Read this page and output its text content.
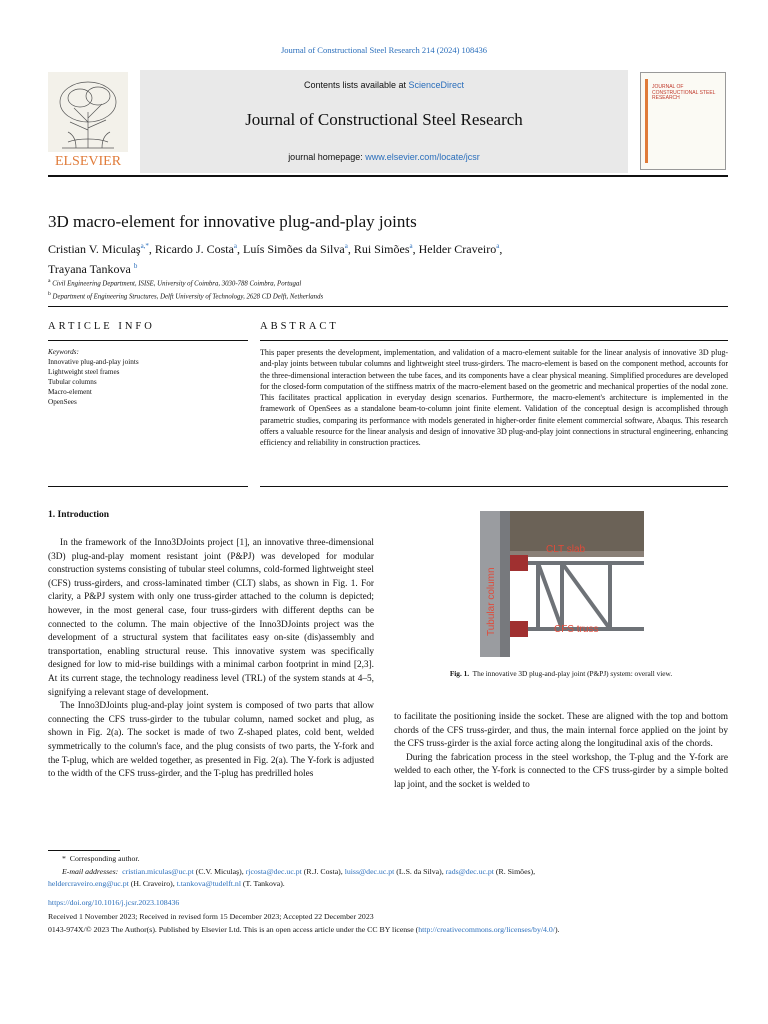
Journal of Constructional Steel Research 214 (2024) 108436
ELSEVIER
Contents lists available at ScienceDirect
Journal of Constructional Steel Research
journal homepage: www.elsevier.com/locate/jcsr
JOURNAL OF CONSTRUCTIONAL STEEL RESEARCH
3D macro-element for innovative plug-and-play joints
Cristian V. Miculaş$^{a,*}$, Ricardo J. Costa$^a$, Luís Simões da Silva$^a$, Rui Simões$^a$, Helder Craveiro$^a$,
Trayana Tankova $^b$
$^a$ Civil Engineering Department, ISISE, University of Coimbra, 3030-788 Coimbra, Portugal
$^b$ Department of Engineering Structures, Delft University of Technology, 2628 CD Delft, Netherlands
ARTICLE INFO	ABSTRACT
Keywords:
Innovative plug-and-play joints
Lightweight steel frames
Tubular columns
Macro-element
OpenSees
This paper presents the development, implementation, and validation of a macro-element suitable for the linear analysis of innovative 3D plug-and-play joints between tubular columns and lightweight steel truss-girders. The macro-element is based on the component method, accounts for the three-dimensional interaction between the tube faces, and its components have a clear physical meaning. Simplified procedures are developed for the closed-form computation of the stiffness matrix of the macro-element based on the geometric and mechanical properties of the nodal zone. This facilitates practical application in everyday design scenarios. Furthermore, the macro-element's architecture is implemented in the framework of OpenSees as a standalone beam-to-column joint finite element. Validation of the conceptual design is accomplished through parametric studies, comparing its performance with models generated in higher-order finite element commercial software, Abaqus. This research offers a valuable resource for the linear analysis and design of innovative 3D plug-and-play joint connections in structural engineering, enhancing efficiency and reliability in construction practices.
1. Introduction

In the framework of the Inno3DJoints project [1], an innovative three-dimensional (3D) plug-and-play moment resistant joint (P&PJ) was developed for modular construction systems consisting of tubular steel columns, cold-formed lightweight steel (CFS) truss-girders, and cross-laminated timber (CLT) slabs, as shown in Fig. 1. For clarity, a P&PJ system with only one truss-girder attached to the column is depicted; however, in the most general case, four truss-girders with different depths can be connected to the column. The main objective of the Inno3DJoints project was the development of a structural system that facilitates easy on-site (dis)assembly and transportation, enabling structural reuse. This innovative system was specifically designed for low to mid-rise buildings with a minimal carbon footprint in mind [2,3]. At its current stage, the technology readiness level (TRL) of the system stands at 4–5, signifying a relevant stage of development.

The Inno3DJoints plug-and-play joint system is composed of two parts that allow connecting the CFS truss-girder to the tubular column, named socket and plug, as shown in Fig. 2(a). The socket is made of two Z-shaped plates, cold bent, welded symmetrically to the column's face, and the plug consists of two parts, the Y-fork and the T-plug, which are welded together, as presented in Fig. 2(a). The Y-fork is adjusted to the width of the CFS truss-girder, and the T-plug has predrilled holes

Tubular column
CLT slab
CFS truss
Fig. 1. The innovative 3D plug-and-play joint (P&PJ) system: overall view.

to facilitate the positioning inside the socket. These are aligned with the top and bottom chords of the CFS truss-girder, and thus, the main internal force applied on the joint by the CFS truss-girder is the axial force acting along the longitudinal axis of the chords.

During the fabrication process in the steel workshop, the T-plug and the Y-fork are welded to each other, the Y-fork is connected to the CFS truss-girder by a simple bolted lap joint, and the socket is welded to

*  Corresponding author.
E-mail addresses: cristian.miculas@uc.pt (C.V. Miculaş), rjcosta@dec.uc.pt (R.J. Costa), luiss@dec.uc.pt (L.S. da Silva), rads@dec.uc.pt (R. Simões),
heldercraveiro.eng@uc.pt (H. Craveiro), t.tankova@tudelft.nl (T. Tankova).
https://doi.org/10.1016/j.jcsr.2023.108436
Received 1 November 2023; Received in revised form 15 December 2023; Accepted 22 December 2023
0143-974X/© 2023 The Author(s). Published by Elsevier Ltd. This is an open access article under the CC BY license (http://creativecommons.org/licenses/by/4.0/).
